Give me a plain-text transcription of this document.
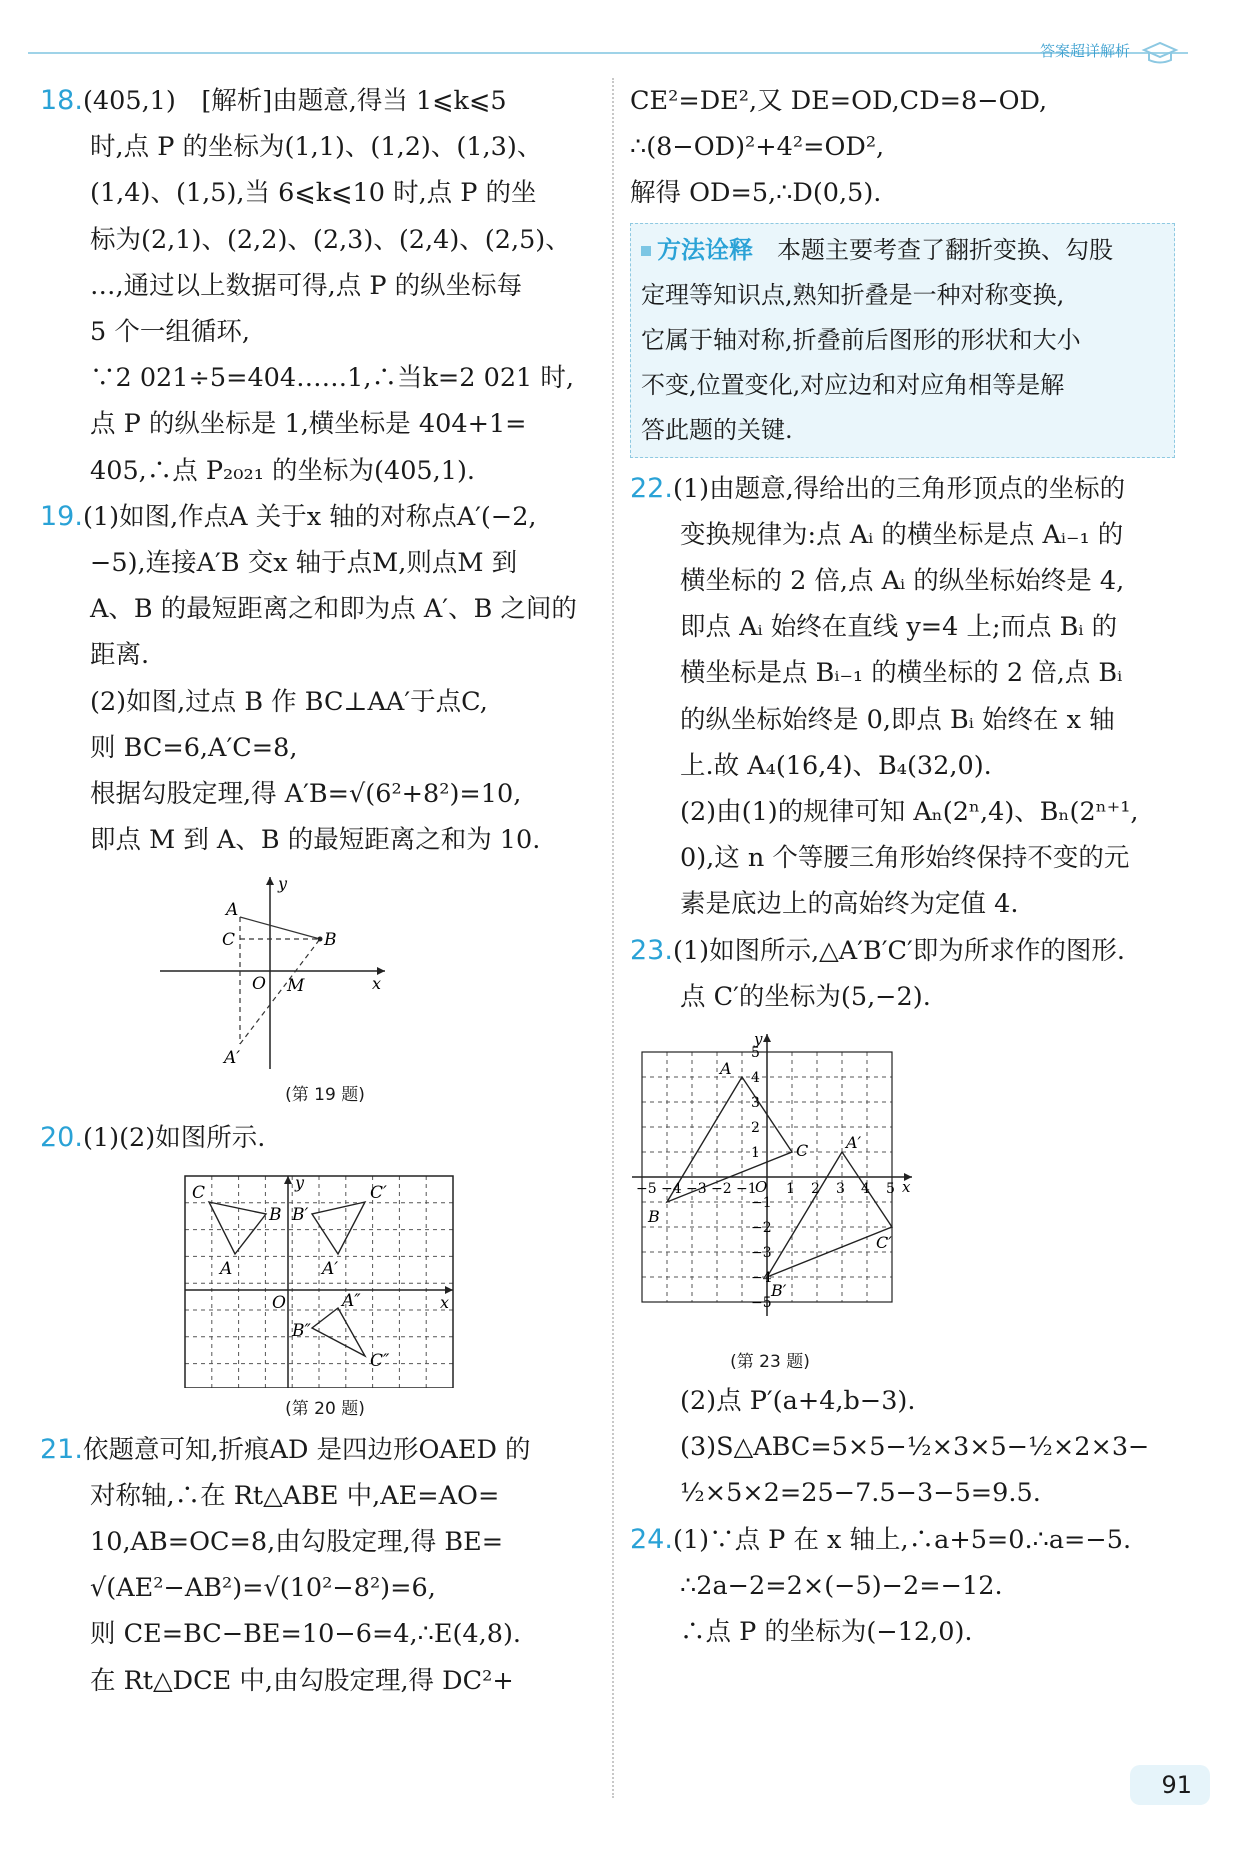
答案超详解析
18.(405,1)　[解析]由题意,得当 1⩽k⩽5
时,点 P 的坐标为(1,1)、(1,2)、(1,3)、
(1,4)、(1,5),当 6⩽k⩽10 时,点 P 的坐
标为(2,1)、(2,2)、(2,3)、(2,4)、(2,5)、
…,通过以上数据可得,点 P 的纵坐标每
5 个一组循环,
∵2 021÷5=404……1,∴当k=2 021 时,
点 P 的纵坐标是 1,横坐标是 404+1=
405,∴点 P₂₀₂₁ 的坐标为(405,1).
19.(1)如图,作点A 关于x 轴的对称点A′(−2,
−5),连接A′B 交x 轴于点M,则点M 到
A、B 的最短距离之和即为点 A′、B 之间的
距离.
(2)如图,过点 B 作 BC⊥AA′于点C,
则 BC=6,A′C=8,
根据勾股定理,得 A′B=√(6²+8²)=10,
即点 M 到 A、B 的最短距离之和为 10.
A
C	B
O M
A′
x
y
(第 19 题)
20.(1)(2)如图所示.
C
B
A
B′
C′
A′
A″
B″
C″
O	x
y
(第 20 题)
21.依题意可知,折痕AD 是四边形OAED 的
对称轴,∴在 Rt△ABE 中,AE=AO=
10,AB=OC=8,由勾股定理,得 BE=
√(AE²−AB²)=√(10²−8²)=6,
则 CE=BC−BE=10−6=4,∴E(4,8).
在 Rt△DCE 中,由勾股定理,得 DC²+
CE²=DE²,又 DE=OD,CD=8−OD,
∴(8−OD)²+4²=OD²,
解得 OD=5,∴D(0,5).
方法诠释　 本题主要考查了翻折变换、勾股
定理等知识点,熟知折叠是一种对称变换,
它属于轴对称,折叠前后图形的形状和大小
不变,位置变化,对应边和对应角相等是解
答此题的关键.
22.(1)由题意,得给出的三角形顶点的坐标的
变换规律为:点 Aᵢ 的横坐标是点 Aᵢ₋₁ 的
横坐标的 2 倍,点 Aᵢ 的纵坐标始终是 4,
即点 Aᵢ 始终在直线 y=4 上;而点 Bᵢ 的
横坐标是点 Bᵢ₋₁ 的横坐标的 2 倍,点 Bᵢ
的纵坐标始终是 0,即点 Bᵢ 始终在 x 轴
上.故 A₄(16,4)、B₄(32,0).
(2)由(1)的规律可知 Aₙ(2ⁿ,4)、Bₙ(2ⁿ⁺¹,
0),这 n 个等腰三角形始终保持不变的元
素是底边上的高始终为定值 4.
23.(1)如图所示,△A′B′C′即为所求作的图形.
点 C′的坐标为(5,−2).
−5 −4 −3 −2 −1 1 2 3 4 5
5
4
3
2
1
−1
−2
−3
−4
−5
A
B
C A′
B′
C′
O	x
y
(第 23 题)
(2)点 P′(a+4,b−3).
(3)S△ABC=5×5−½×3×5−½×2×3−
½×5×2=25−7.5−3−5=9.5.
24.(1)∵点 P 在 x 轴上,∴a+5=0.∴a=−5.
∴2a−2=2×(−5)−2=−12.
∴点 P 的坐标为(−12,0).
91
